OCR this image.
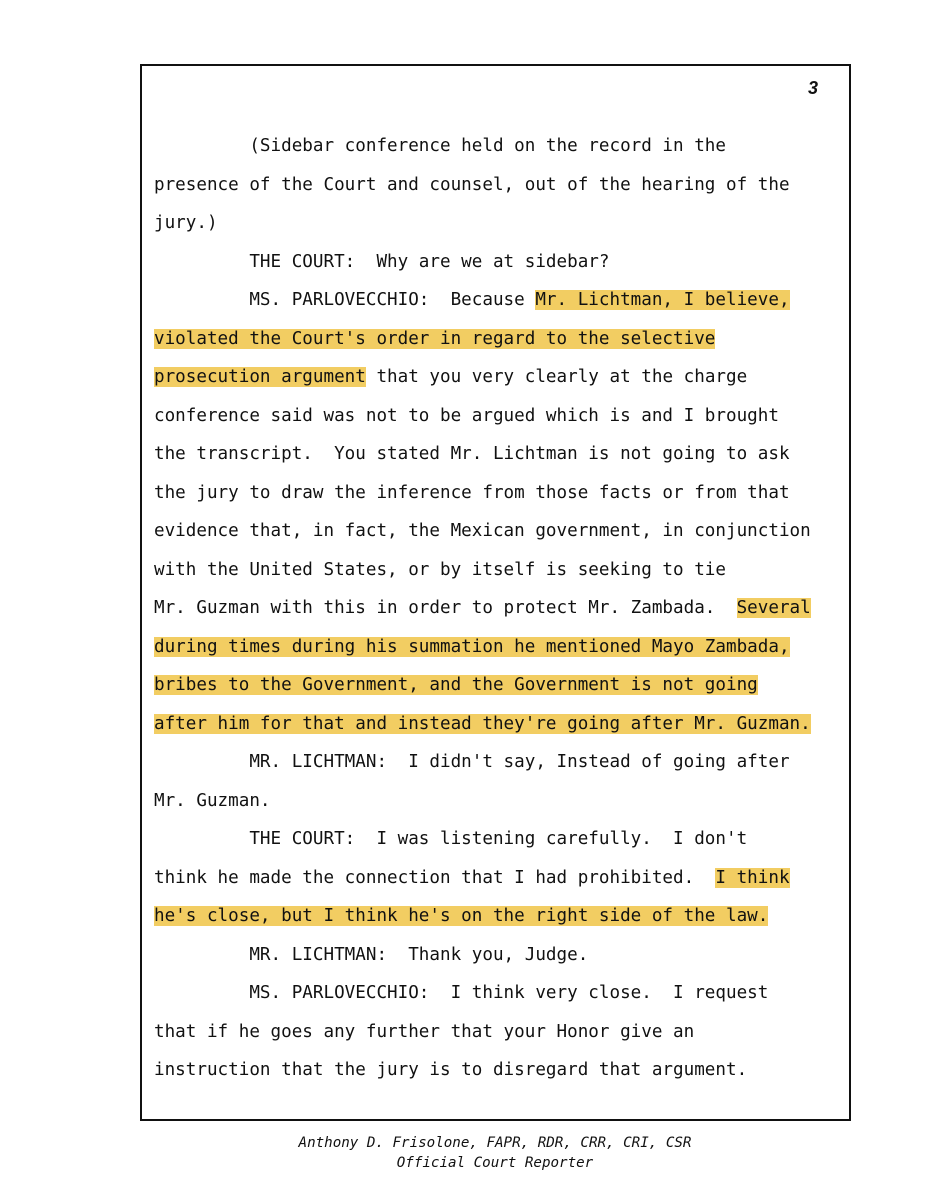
3
(Sidebar conference held on the record in the
presence of the Court and counsel, out of the hearing of the
jury.)
THE COURT:  Why are we at sidebar?
MS. PARLOVECCHIO:  Because Mr. Lichtman, I believe,
violated the Court's order in regard to the selective
prosecution argument that you very clearly at the charge
conference said was not to be argued which is and I brought
the transcript.  You stated Mr. Lichtman is not going to ask
the jury to draw the inference from those facts or from that
evidence that, in fact, the Mexican government, in conjunction
with the United States, or by itself is seeking to tie
Mr. Guzman with this in order to protect Mr. Zambada.  Several
during times during his summation he mentioned Mayo Zambada,
bribes to the Government, and the Government is not going
after him for that and instead they're going after Mr. Guzman.
MR. LICHTMAN:  I didn't say, Instead of going after
Mr. Guzman.
THE COURT:  I was listening carefully.  I don't
think he made the connection that I had prohibited.  I think
he's close, but I think he's on the right side of the law.
MR. LICHTMAN:  Thank you, Judge.
MS. PARLOVECCHIO:  I think very close.  I request
that if he goes any further that your Honor give an
instruction that the jury is to disregard that argument.
Anthony D. Frisolone, FAPR, RDR, CRR, CRI, CSR
Official Court Reporter
